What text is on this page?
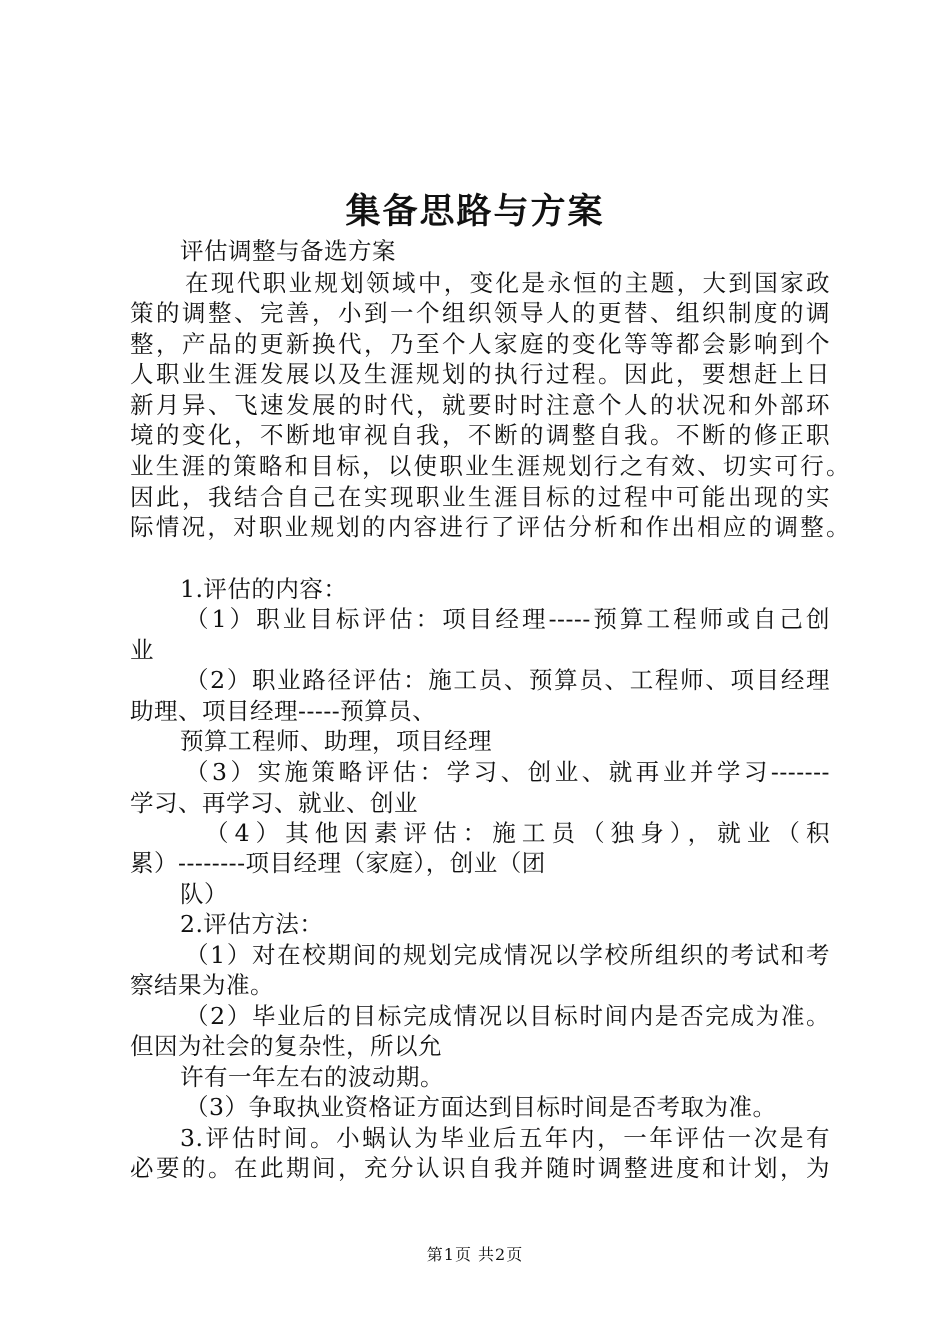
集备思路与方案
评估调整与备选方案
在现代职业规划领域中，变化是永恒的主题，大到国家政
策的调整、完善，小到一个组织领导人的更替、组织制度的调
整，产品的更新换代，乃至个人家庭的变化等等都会影响到个
人职业生涯发展以及生涯规划的执行过程。因此，要想赶上日
新月异、飞速发展的时代，就要时时注意个人的状况和外部环
境的变化，不断地审视自我，不断的调整自我。不断的修正职
业生涯的策略和目标，以使职业生涯规划行之有效、切实可行。
因此，我结合自己在实现职业生涯目标的过程中可能出现的实
际情况，对职业规划的内容进行了评估分析和作出相应的调整。
1.评估的内容：
（1）职业目标评估：项目经理-----预算工程师或自己创
业
（2）职业路径评估：施工员、预算员、工程师、项目经理
助理、项目经理-----预算员、
预算工程师、助理，项目经理
（3）实施策略评估：学习、创业、就再业并学习-------
学习、再学习、就业、创业
（4）其他因素评估：施工员（独身），就业（积
累）--------项目经理（家庭），创业（团
队）
2.评估方法：
（1）对在校期间的规划完成情况以学校所组织的考试和考
察结果为准。
（2）毕业后的目标完成情况以目标时间内是否完成为准。
但因为社会的复杂性，所以允
许有一年左右的波动期。
（3）争取执业资格证方面达到目标时间是否考取为准。
3.评估时间。小蜗认为毕业后五年内，一年评估一次是有
必要的。在此期间，充分认识自我并随时调整进度和计划，为
第1页 共2页
